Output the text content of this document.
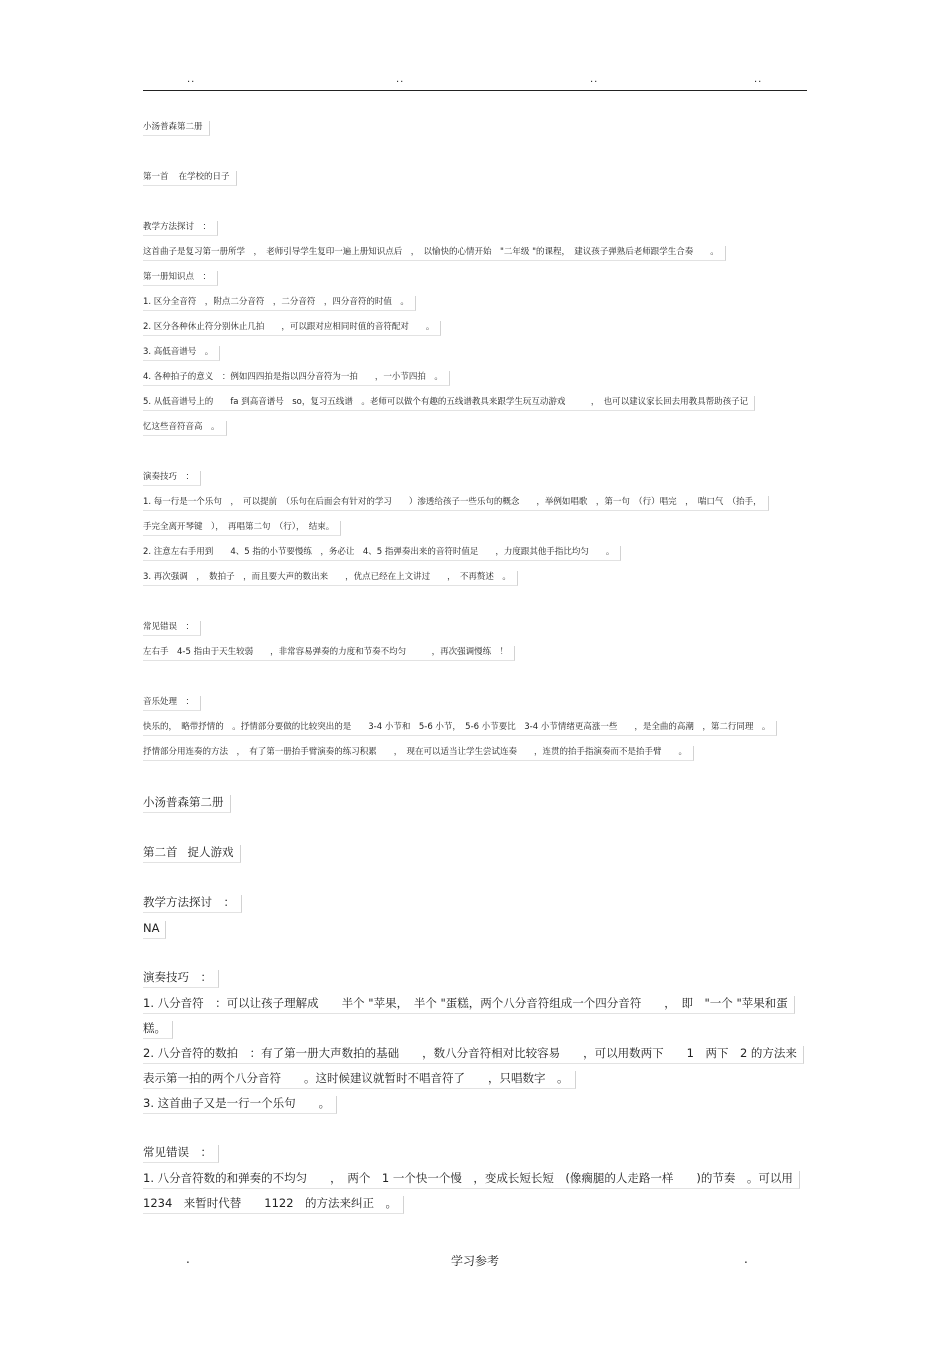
..	..	..	..
小汤普森第二册
第一首 在学校的日子
教学方法探讨　：
这首曲子是复习第一册所学　，　老师引导学生复印一遍上册知识点后　，　以愉快的心情开始　"二年级 "的课程，　建议孩子弹熟后老师跟学生合奏　　。
第一册知识点　：
1. 区分全音符　，附点二分音符　，二分音符　，四分音符的时值　。
2. 区分各种休止符分别休止几拍　　，可以跟对应相同时值的音符配对　　。
3. 高低音谱号　。
4. 各种拍子的意义　：例如四四拍是指以四分音符为一拍　　，一小节四拍　。
5. 从低音谱号上的　　fa 到高音谱号　so，复习五线谱　。老师可以做个有趣的五线谱教具来跟学生玩互动游戏　　　，　也可以建议家长回去用教具帮助孩子记
忆这些音符音高　。
演奏技巧　：
1. 每一行是一个乐句　，　可以提前　（乐句在后面会有针对的学习　　）渗透给孩子一些乐句的概念　　，举例如唱歌　，第一句　（行）唱完　，　喘口气　（抬手，
手完全离开琴键　），　再唱第二句　（行），　结束。
2. 注意左右手用到　　4、5 指的小节要慢练　，务必让　4、5 指弹奏出来的音符时值足　　，力度跟其他手指比均匀　　。
3. 再次强调　，　数拍子　，而且要大声的数出来　　，优点已经在上文讲过　　，　不再赘述　。
常见错误　：
左右手　4-5 指由于天生较弱　　，非常容易弹奏的力度和节奏不均匀　　　，再次强调慢练　！
音乐处理　：
快乐的，　略带抒情的　。抒情部分要做的比较突出的是　　3-4 小节和　5-6 小节，　5-6 小节要比　3-4 小节情绪更高涨一些　　，是全曲的高潮　，第二行同理　。
抒情部分用连奏的方法　，　有了第一册抬手臂演奏的练习积累　　，　现在可以适当让学生尝试连奏　　，连贯的抬手指演奏而不是抬手臂　　。
小汤普森第二册
第二首 捉人游戏
教学方法探讨　：
NA
演奏技巧　：
1. 八分音符　：可以让孩子理解成　　半个 "苹果，　半个 "蛋糕，两个八分音符组成一个四分音符　　，　即　"一个 "苹果和蛋
糕。
2. 八分音符的数拍　：有了第一册大声数拍的基础　　，数八分音符相对比较容易　　，可以用数两下　　1　两下　2 的方法来
表示第一拍的两个八分音符　　。这时候建议就暂时不唱音符了　　，只唱数字　。
3. 这首曲子又是一行一个乐句　　。
常见错误　：
1. 八分音符数的和弹奏的不均匀　　，　两个　1 一个快一个慢　，变成长短长短　(像瘸腿的人走路一样　　)的节奏　。可以用
1234　来暂时代替　　1122　的方法来纠正　。
.	学习参考	.
